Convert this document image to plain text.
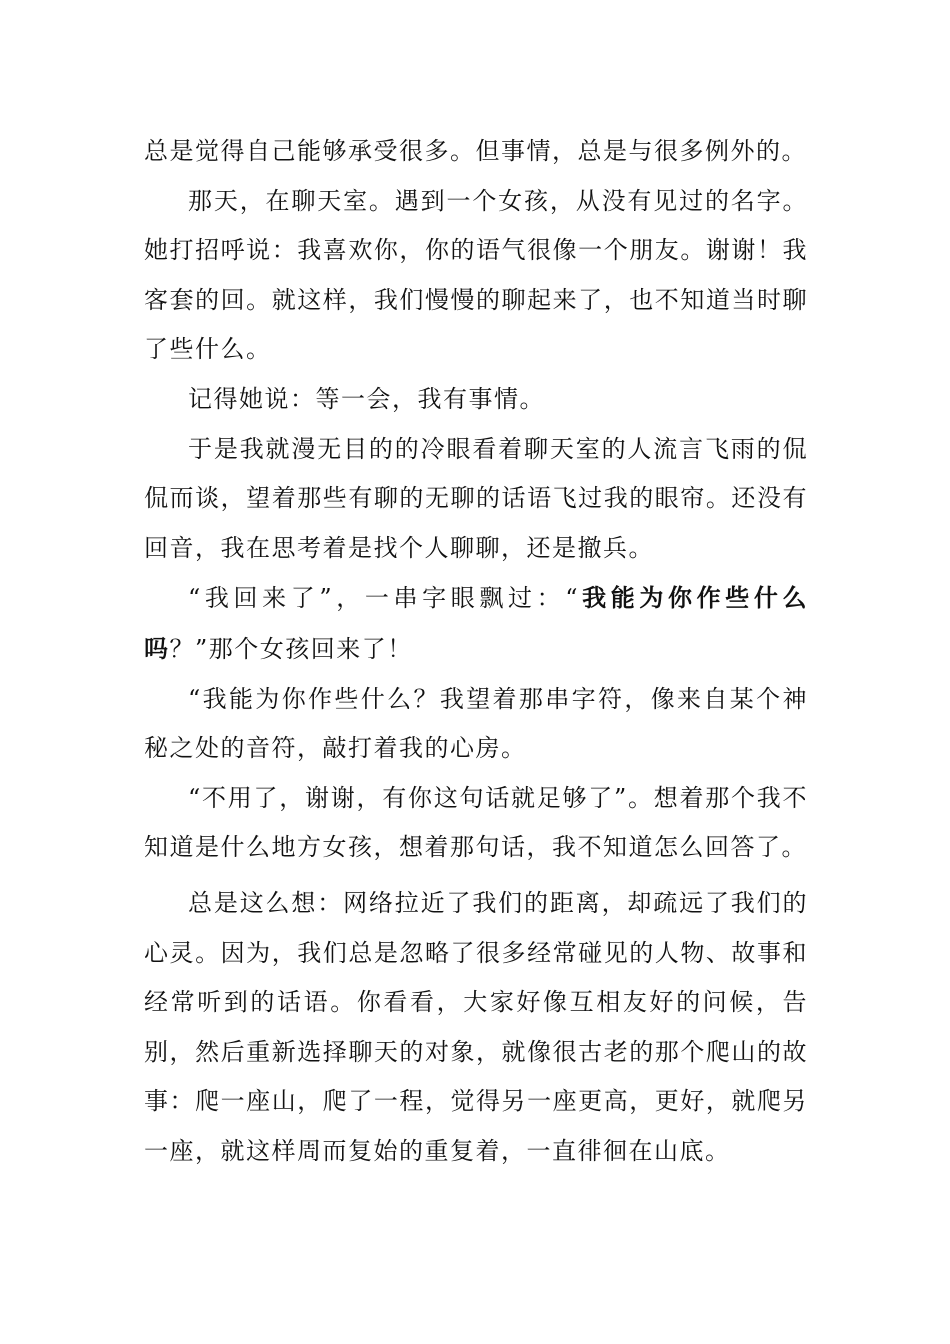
总是觉得自己能够承受很多。但事情，总是与很多例外的。

那天，在聊天室。遇到一个女孩，从没有见过的名字。她打招呼说：我喜欢你，你的语气很像一个朋友。谢谢！我客套的回。就这样，我们慢慢的聊起来了，也不知道当时聊了些什么。

记得她说：等一会，我有事情。

于是我就漫无目的的冷眼看着聊天室的人流言飞雨的侃侃而谈，望着那些有聊的无聊的话语飞过我的眼帘。还没有回音，我在思考着是找个人聊聊，还是撤兵。

“我回来了”，一串字眼飘过：“我能为你作些什么吗？”那个女孩回来了！

“我能为你作些什么？我望着那串字符，像来自某个神秘之处的音符，敲打着我的心房。

“不用了，谢谢，有你这句话就足够了”。想着那个我不知道是什么地方女孩，想着那句话，我不知道怎么回答了。

总是这么想：网络拉近了我们的距离，却疏远了我们的心灵。因为，我们总是忽略了很多经常碰见的人物、故事和经常听到的话语。你看看，大家好像互相友好的问候，告别，然后重新选择聊天的对象，就像很古老的那个爬山的故事：爬一座山，爬了一程，觉得另一座更高，更好，就爬另一座，就这样周而复始的重复着，一直徘徊在山底。
